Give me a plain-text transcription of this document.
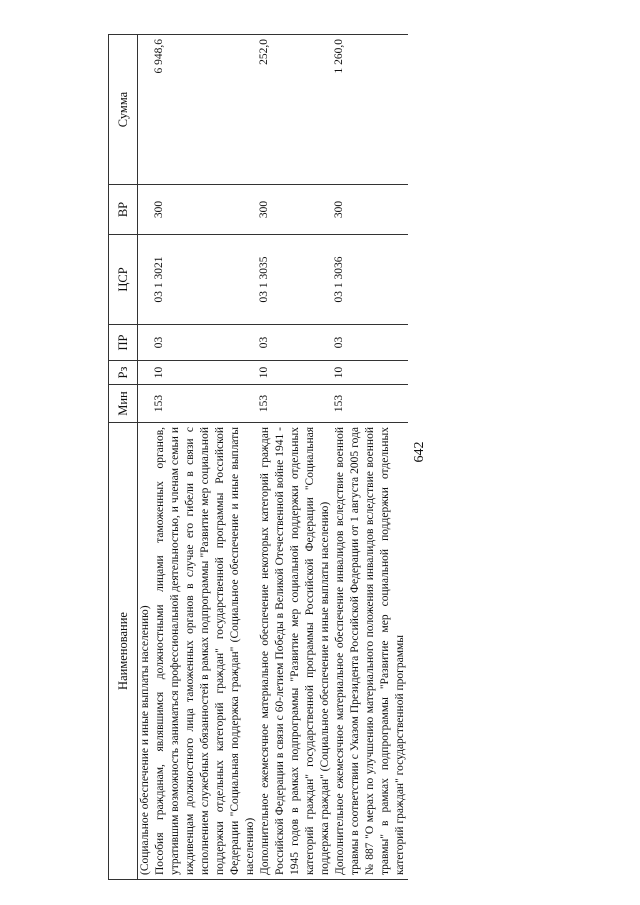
642
Наименование	Мин	Рз	ПР	ЦСР	ВР	Сумма
(Социальное обеспечение и иные выплаты населению)						
Пособия гражданам, являвшимся должностными лицами таможенных органов, утратившим возможность заниматься профессиональной деятельностью, и членам семьи и иждивенцам должностного лица таможенных органов в случае его гибели в связи с исполнением служебных обязанностей в рамках подпрограммы "Развитие мер социальной поддержки отдельных категорий граждан" государственной программы Российской Федерации "Социальная поддержка граждан" (Социальное обеспечение и иные выплаты населению)	153	10	03	03 1 3021	300	6 948,6
Дополнительное ежемесячное материальное обеспечение некоторых категорий граждан Российской Федерации в связи с 60-летием Победы в Великой Отечественной войне 1941 - 1945 годов в рамках подпрограммы "Развитие мер социальной поддержки отдельных категорий граждан" государственной программы Российской Федерации "Социальная поддержка граждан" (Социальное обеспечение и иные выплаты населению)	153	10	03	03 1 3035	300	252,0
Дополнительное ежемесячное материальное обеспечение инвалидов вследствие военной травмы в соответствии с Указом Президента Российской Федерации от 1 августа 2005 года № 887 "О мерах по улучшению материального положения инвалидов вследствие военной травмы" в рамках подпрограммы "Развитие мер социальной поддержки отдельных категорий граждан" государственной программы	153	10	03	03 1 3036	300	1 260,0
